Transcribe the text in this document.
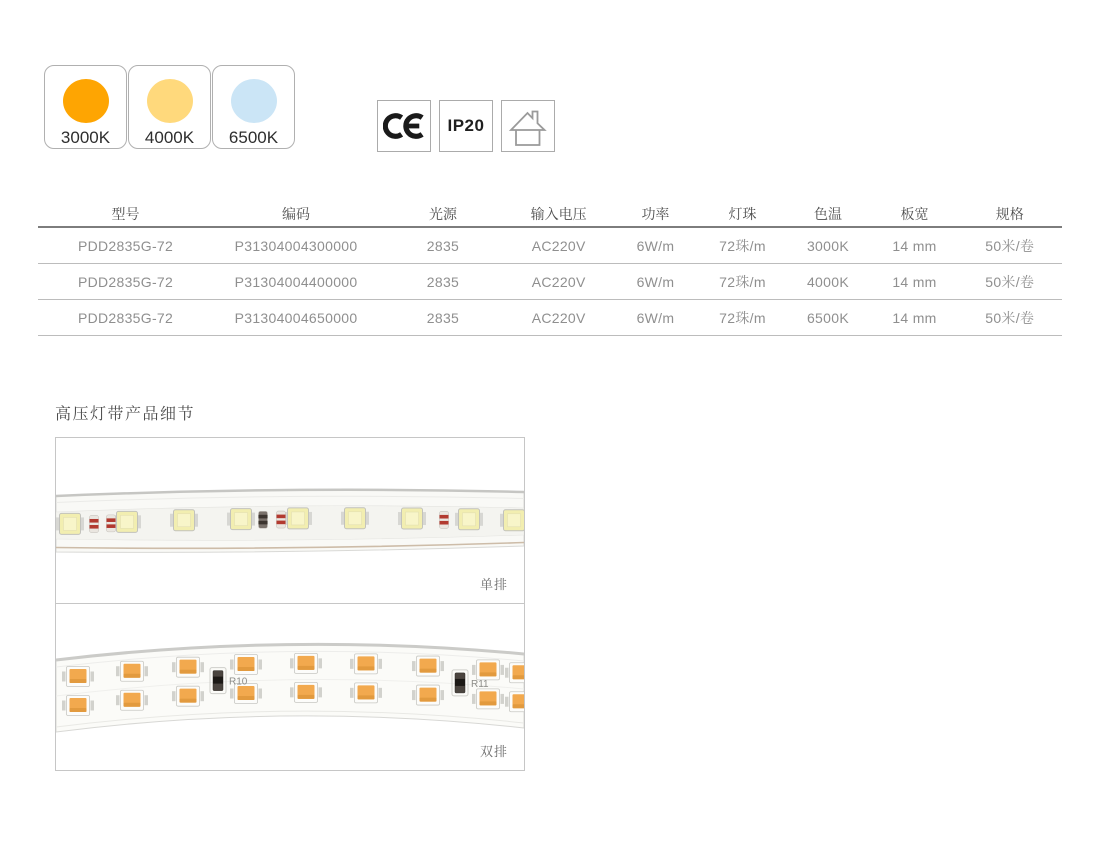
3000K 4000K 6500K
IP20
型号	编码	光源	输入电压	功率	灯珠	色温	板宽	规格
PDD2835G-72	P31304004300000	2835	AC220V	6W/m	72珠/m	3000K	14 mm	50米/卷
PDD2835G-72	P31304004400000	2835	AC220V	6W/m	72珠/m	4000K	14 mm	50米/卷
PDD2835G-72	P31304004650000	2835	AC220V	6W/m	72珠/m	6500K	14 mm	50米/卷
高压灯带产品细节
单排
R10	R11
双排
